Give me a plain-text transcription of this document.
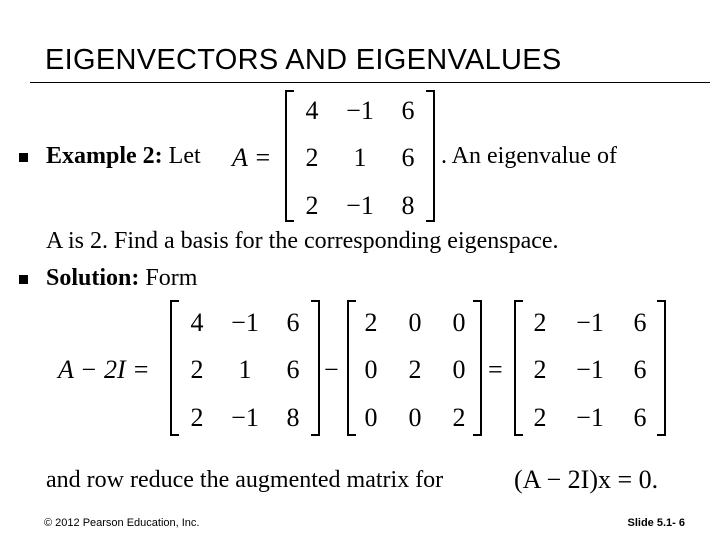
EIGENVECTORS AND EIGENVALUES
Example 2: Let A =
4	−1	6
2	1	6
2	−1	8
. An eigenvalue of
A is 2. Find a basis for the corresponding eigenspace.
Solution: Form
A − 2I =
4	−1	6
2	1	6
2	−1	8
−
2	0	0
0	2	0
0	0	2
=
2	−1	6
2	−1	6
2	−1	6
and row reduce the augmented matrix for	(A − 2I)x = 0.
© 2012 Pearson Education, Inc.	Slide 5.1- 6
